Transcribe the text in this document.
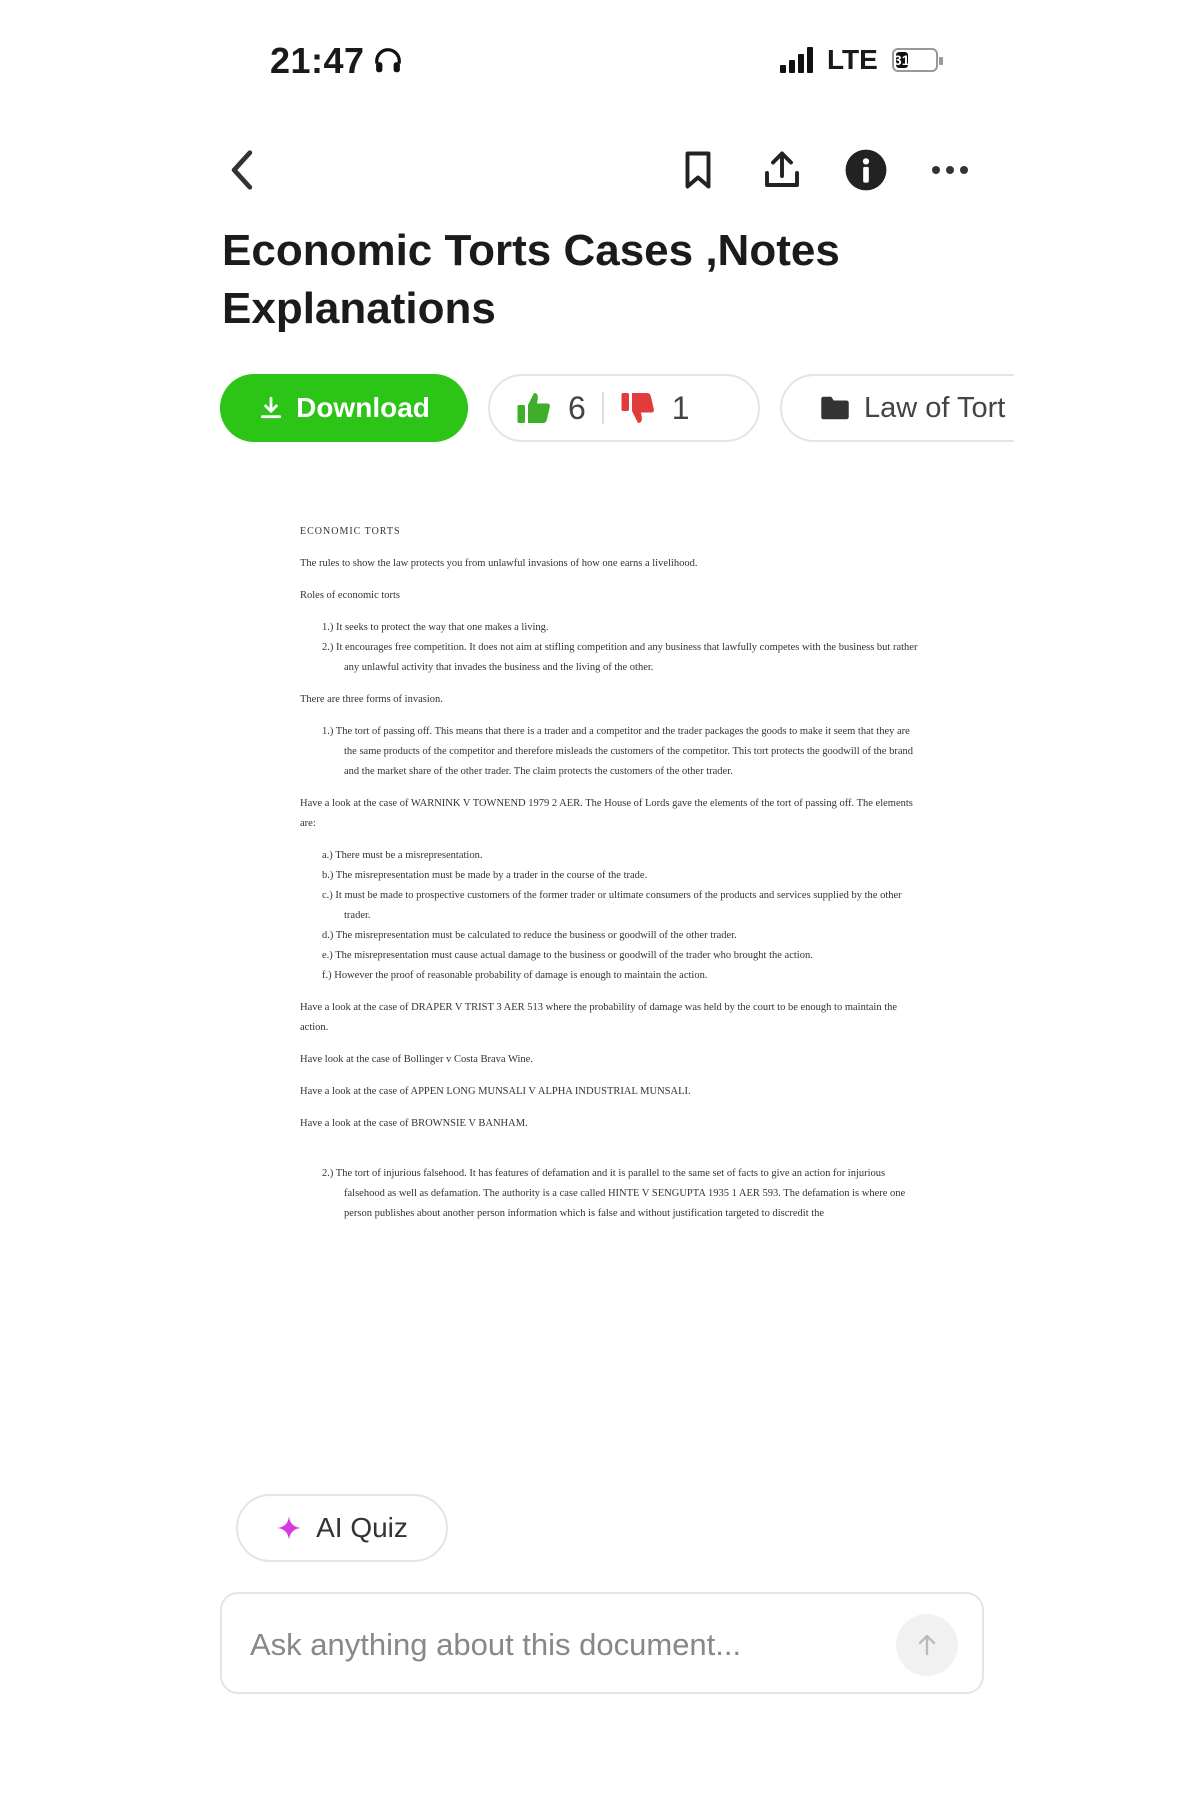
21:47	LTE 31
Economic Torts Cases ,Notes Explanations
Download	6	1	Law of Tort

ECONOMIC TORTS

The rules to show the law protects you from unlawful invasions of how one earns a livelihood.

Roles of economic torts

1.) It seeks to protect the way that one makes a living.
2.) It encourages free competition. It does not aim at stifling competition and any business that lawfully competes with the business but rather any unlawful activity that invades the business and the living of the other.

There are three forms of invasion.

1.) The tort of passing off. This means that there is a trader and a competitor and the trader packages the goods to make it seem that they are the same products of the competitor and therefore misleads the customers of the competitor. This tort protects the goodwill of the brand and the market share of the other trader. The claim protects the customers of the other trader.

Have a look at the case of WARNINK V TOWNEND 1979 2 AER. The House of Lords gave the elements of the tort of passing off. The elements are:

a.) There must be a misrepresentation.
b.) The misrepresentation must be made by a trader in the course of the trade.
c.) It must be made to prospective customers of the former trader or ultimate consumers of the products and services supplied by the other trader.
d.) The misrepresentation must be calculated to reduce the business or goodwill of the other trader.
e.) The misrepresentation must cause actual damage to the business or goodwill of the trader who brought the action.
f.) However the proof of reasonable probability of damage is enough to maintain the action.

Have a look at the case of DRAPER V TRIST 3 AER 513 where the probability of damage was held by the court to be enough to maintain the action.

Have look at the case of Bollinger v Costa Brava Wine.

Have a look at the case of APPEN LONG MUNSALI V ALPHA INDUSTRIAL MUNSALI.

Have a look at the case of BROWNSIE V BANHAM.

2.) The tort of injurious falsehood. It has features of defamation and it is parallel to the same set of facts to give an action for injurious falsehood as well as defamation. The authority is a case called HINTE V SENGUPTA 1935 1 AER 593. The defamation is where one person publishes about another person information which is false and without justification targeted to discredit the
AI Quiz
Ask anything about this document...
